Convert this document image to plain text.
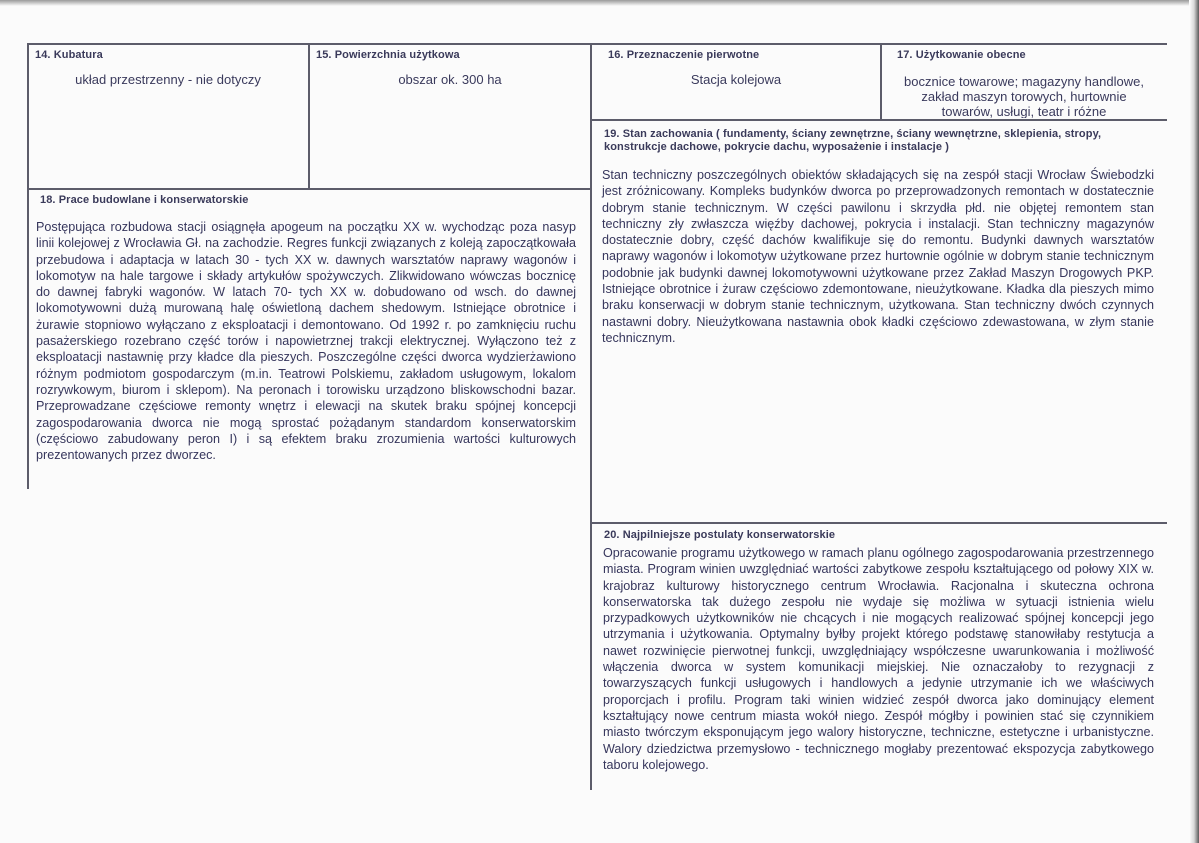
14. Kubatura
układ przestrzenny - nie dotyczy
15. Powierzchnia użytkowa
obszar ok. 300 ha
16. Przeznaczenie pierwotne
Stacja kolejowa
17. Użytkowanie obecne
bocznice towarowe; magazyny handlowe,
zakład maszyn torowych, hurtownie
towarów, usługi, teatr i różne
18. Prace budowlane i konserwatorskie
Postępująca rozbudowa stacji osiągnęła apogeum na początku XX w. wychodząc poza nasyp linii kolejowej z Wrocławia Gł. na zachodzie. Regres funkcji związanych z koleją zapoczątkowała przebudowa i adaptacja w latach 30 - tych XX w. dawnych warsztatów naprawy wagonów i lokomotyw na hale targowe i składy artykułów spożywczych. Zlikwidowano wówczas bocznicę do dawnej fabryki wagonów. W latach 70- tych XX w. dobudowano od wsch. do dawnej lokomotywowni dużą murowaną halę oświetloną dachem shedowym. Istniejące obrotnice i żurawie stopniowo wyłączano z eksploatacji i demontowano. Od 1992 r. po zamknięciu ruchu pasażerskiego rozebrano część torów i napowietrznej trakcji elektrycznej. Wyłączono też z eksploatacji nastawnię przy kładce dla pieszych. Poszczególne części dworca wydzierżawiono różnym podmiotom gospodarczym (m.in. Teatrowi Polskiemu, zakładom usługowym, lokalom rozrywkowym, biurom i sklepom). Na peronach i torowisku urządzono bliskowschodni bazar. Przeprowadzane częściowe remonty wnętrz i elewacji na skutek braku spójnej koncepcji zagospodarowania dworca nie mogą sprostać pożądanym standardom konserwatorskim (częściowo zabudowany peron I) i są efektem braku zrozumienia wartości kulturowych prezentowanych przez dworzec.
19. Stan zachowania ( fundamenty, ściany zewnętrzne, ściany wewnętrzne, sklepienia, stropy, konstrukcje dachowe, pokrycie dachu, wyposażenie i instalacje )
Stan techniczny poszczególnych obiektów składających się na zespół stacji Wrocław Świebodzki jest zróżnicowany. Kompleks budynków dworca po przeprowadzonych remontach w dostatecznie dobrym stanie technicznym. W części pawilonu i skrzydła płd. nie objętej remontem stan techniczny zły zwłaszcza więźby dachowej, pokrycia i instalacji. Stan techniczny magazynów dostatecznie dobry, część dachów kwalifikuje się do remontu. Budynki dawnych warsztatów naprawy wagonów i lokomotyw użytkowane przez hurtownie ogólnie w dobrym stanie technicznym podobnie jak budynki dawnej lokomotywowni użytkowane przez Zakład Maszyn Drogowych PKP. Istniejące obrotnice i żuraw częściowo zdemontowane, nieużytkowane. Kładka dla pieszych mimo braku konserwacji w dobrym stanie technicznym, użytkowana. Stan techniczny dwóch czynnych nastawni dobry. Nieużytkowana nastawnia obok kładki częściowo zdewastowana, w złym stanie technicznym.
20. Najpilniejsze postulaty konserwatorskie
Opracowanie programu użytkowego w ramach planu ogólnego zagospodarowania przestrzennego miasta. Program winien uwzględniać wartości zabytkowe zespołu kształtującego od połowy XIX w. krajobraz kulturowy historycznego centrum Wrocławia. Racjonalna i skuteczna ochrona konserwatorska tak dużego zespołu nie wydaje się możliwa w sytuacji istnienia wielu przypadkowych użytkowników nie chcących i nie mogących realizować spójnej koncepcji jego utrzymania i użytkowania. Optymalny byłby projekt którego podstawę stanowiłaby restytucja a nawet rozwinięcie pierwotnej funkcji, uwzględniający współczesne uwarunkowania i możliwość włączenia dworca w system komunikacji miejskiej. Nie oznaczałoby to rezygnacji z towarzyszących funkcji usługowych i handlowych a jedynie utrzymanie ich we właściwych proporcjach i profilu. Program taki winien widzieć zespół dworca jako dominujący element kształtujący nowe centrum miasta wokół niego. Zespół mógłby i powinien stać się czynnikiem miasto twórczym eksponującym jego walory historyczne, techniczne, estetyczne i urbanistyczne. Walory dziedzictwa przemysłowo - technicznego mogłaby prezentować ekspozycja zabytkowego taboru kolejowego.
